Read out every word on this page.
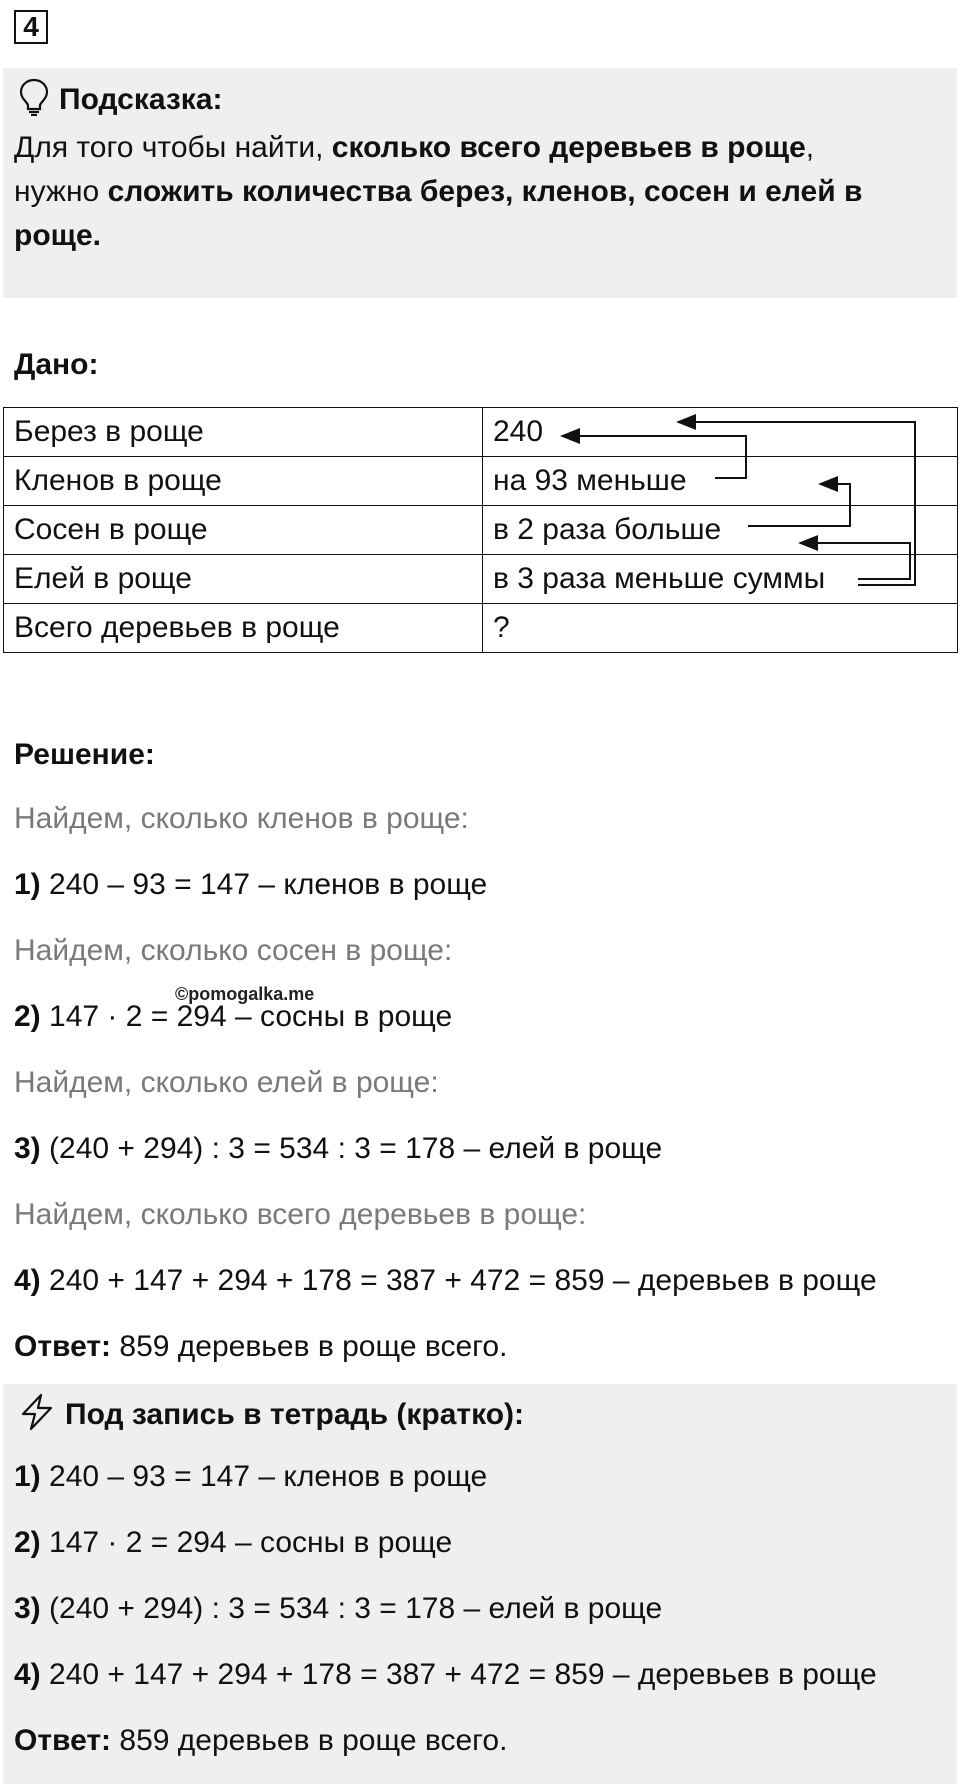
4
Подсказка:
Для того чтобы найти, сколько всего деревьев в роще,
нужно сложить количества берез, кленов, сосен и елей в
роще.
Дано:
Берез в роще	240
Кленов в роще	на 93 меньше
Сосен в роще	в 2 раза больше
Елей в роще	в 3 раза меньше суммы
Всего деревьев в роще	?
Решение:
Найдем, сколько кленов в роще:
1) 240 – 93 = 147 – кленов в роще
Найдем, сколько сосен в роще:
2) 147 · 2 = 294 – сосны в роще
©pomogalka.me
Найдем, сколько елей в роще:
3) (240 + 294) : 3 = 534 : 3 = 178 – елей в роще
Найдем, сколько всего деревьев в роще:
4) 240 + 147 + 294 + 178 = 387 + 472 = 859 – деревьев в роще
Ответ: 859 деревьев в роще всего.
Под запись в тетрадь (кратко):
1) 240 – 93 = 147 – кленов в роще
2) 147 · 2 = 294 – сосны в роще
3) (240 + 294) : 3 = 534 : 3 = 178 – елей в роще
4) 240 + 147 + 294 + 178 = 387 + 472 = 859 – деревьев в роще
Ответ: 859 деревьев в роще всего.
